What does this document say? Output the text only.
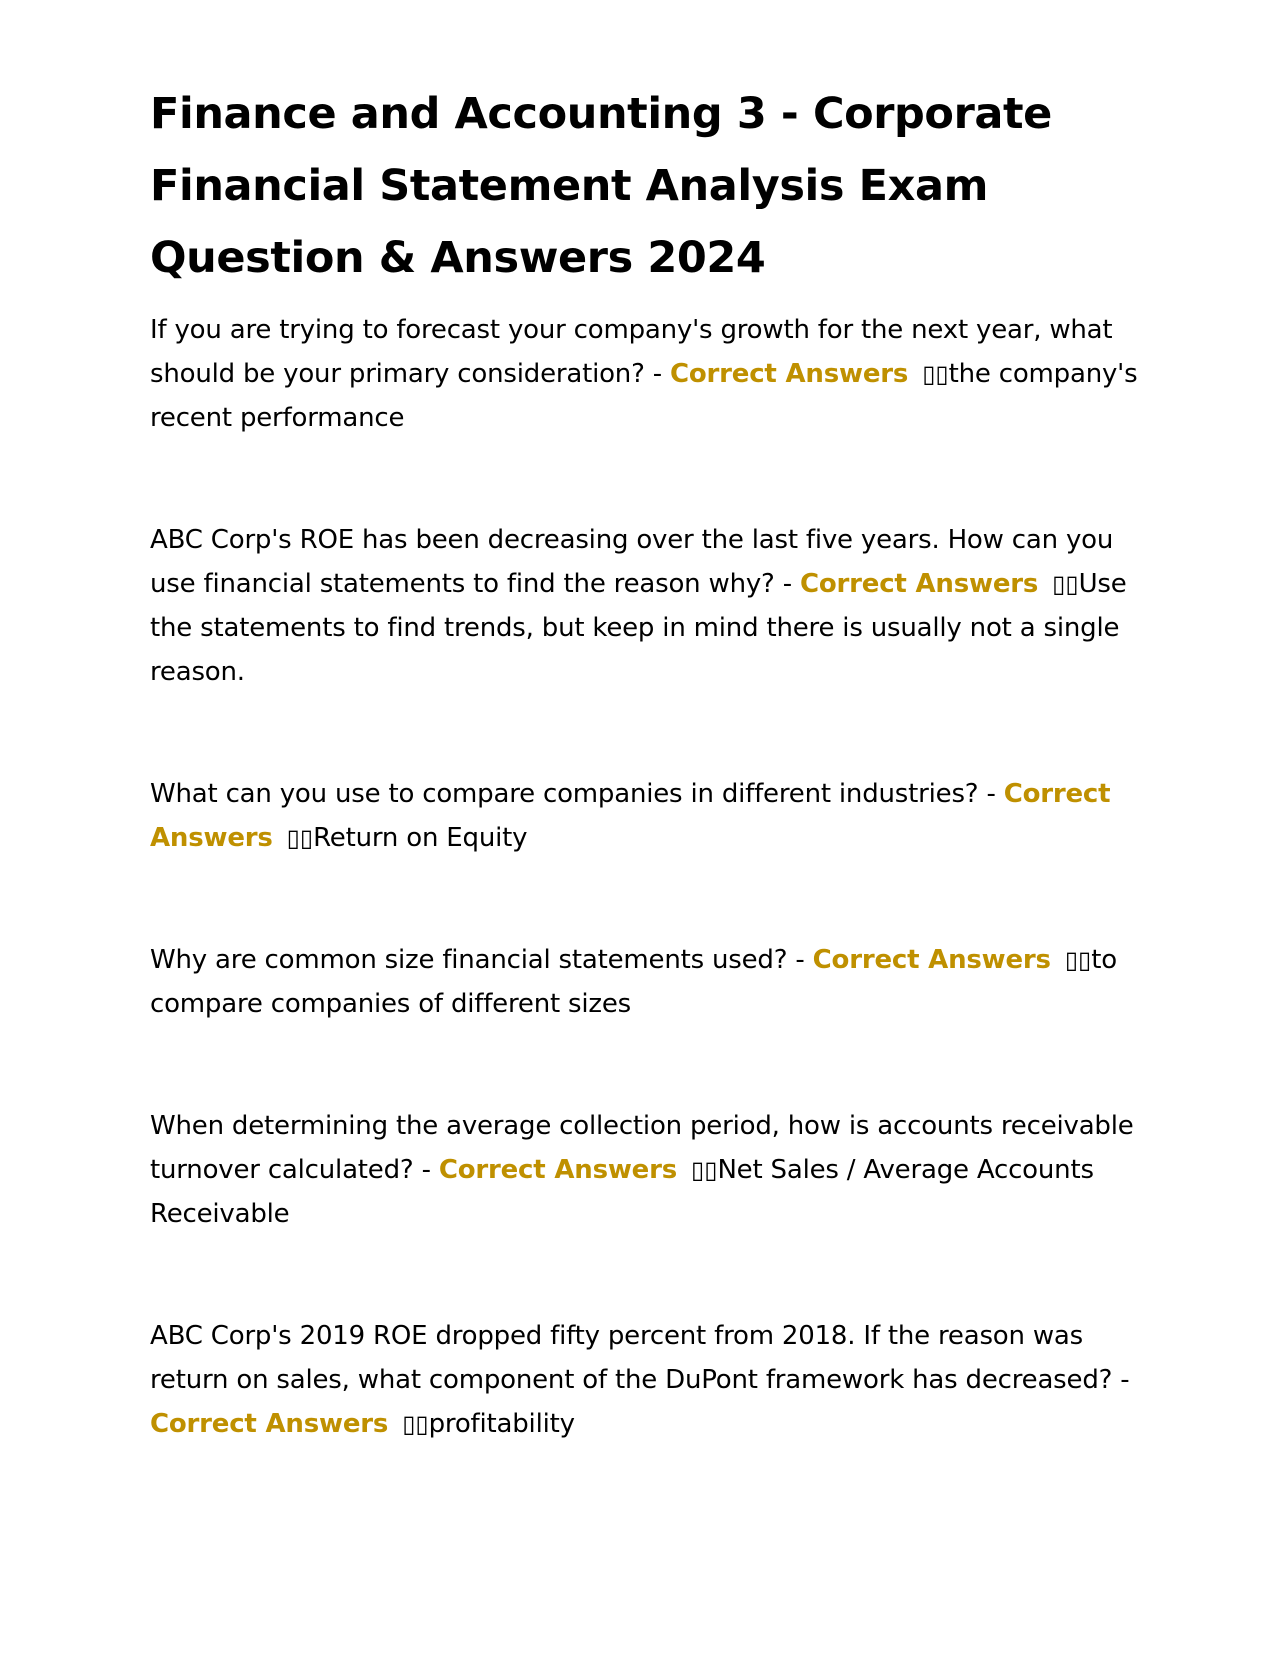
Finance and Accounting 3 - Corporate Financial Statement Analysis Exam Question & Answers 2024

If you are trying to forecast your company's growth for the next year, what should be your primary consideration? - Correct Answers ▯▯the company's recent performance

ABC Corp's ROE has been decreasing over the last five years. How can you use financial statements to find the reason why? - Correct Answers ▯▯Use the statements to find trends, but keep in mind there is usually not a single reason.

What can you use to compare companies in different industries? - Correct Answers ▯▯Return on Equity

Why are common size financial statements used? - Correct Answers ▯▯to compare companies of different sizes

When determining the average collection period, how is accounts receivable turnover calculated? - Correct Answers ▯▯Net Sales / Average Accounts Receivable

ABC Corp's 2019 ROE dropped fifty percent from 2018. If the reason was return on sales, what component of the DuPont framework has decreased? - Correct Answers ▯▯profitability
